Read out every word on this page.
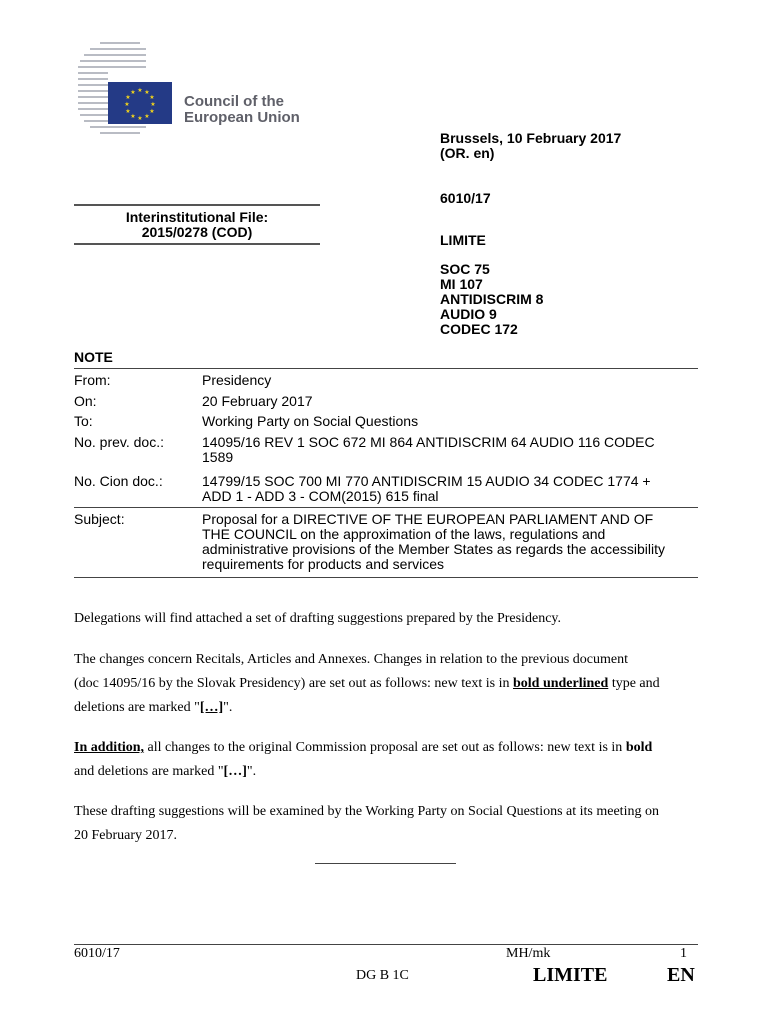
★ ★
★
★
★
★
★
★
★
★
★
★
Council of the
European Union
Brussels, 10 February 2017
(OR. en)
6010/17
LIMITE
SOC 75
MI 107
ANTIDISCRIM 8
AUDIO 9
CODEC 172
Interinstitutional File:
2015/0278 (COD)
NOTE
From:	Presidency
On:	20 February 2017
To:	Working Party on Social Questions
No. prev. doc.:	14095/16 REV 1 SOC 672 MI 864 ANTIDISCRIM 64 AUDIO 116 CODEC
1589
No. Cion doc.:	14799/15 SOC 700 MI 770 ANTIDISCRIM 15 AUDIO 34 CODEC 1774 +
ADD 1 - ADD 3 - COM(2015) 615 final
Subject:	Proposal for a DIRECTIVE OF THE EUROPEAN PARLIAMENT AND OF
THE COUNCIL on the approximation of the laws, regulations and
administrative provisions of the Member States as regards the accessibility
requirements for products and services
Delegations will find attached a set of drafting suggestions prepared by the Presidency.
The changes concern Recitals, Articles and Annexes. Changes in relation to the previous document
(doc 14095/16 by the Slovak Presidency) are set out as follows: new text is in bold underlined type and
deletions are marked "[…]".
In addition, all changes to the original Commission proposal are set out as follows: new text is in bold
and deletions are marked "[…]".
These drafting suggestions will be examined by the Working Party on Social Questions at its meeting on
20 February 2017.
6010/17	MH/mk	1
DG B 1C	LIMITE	EN
